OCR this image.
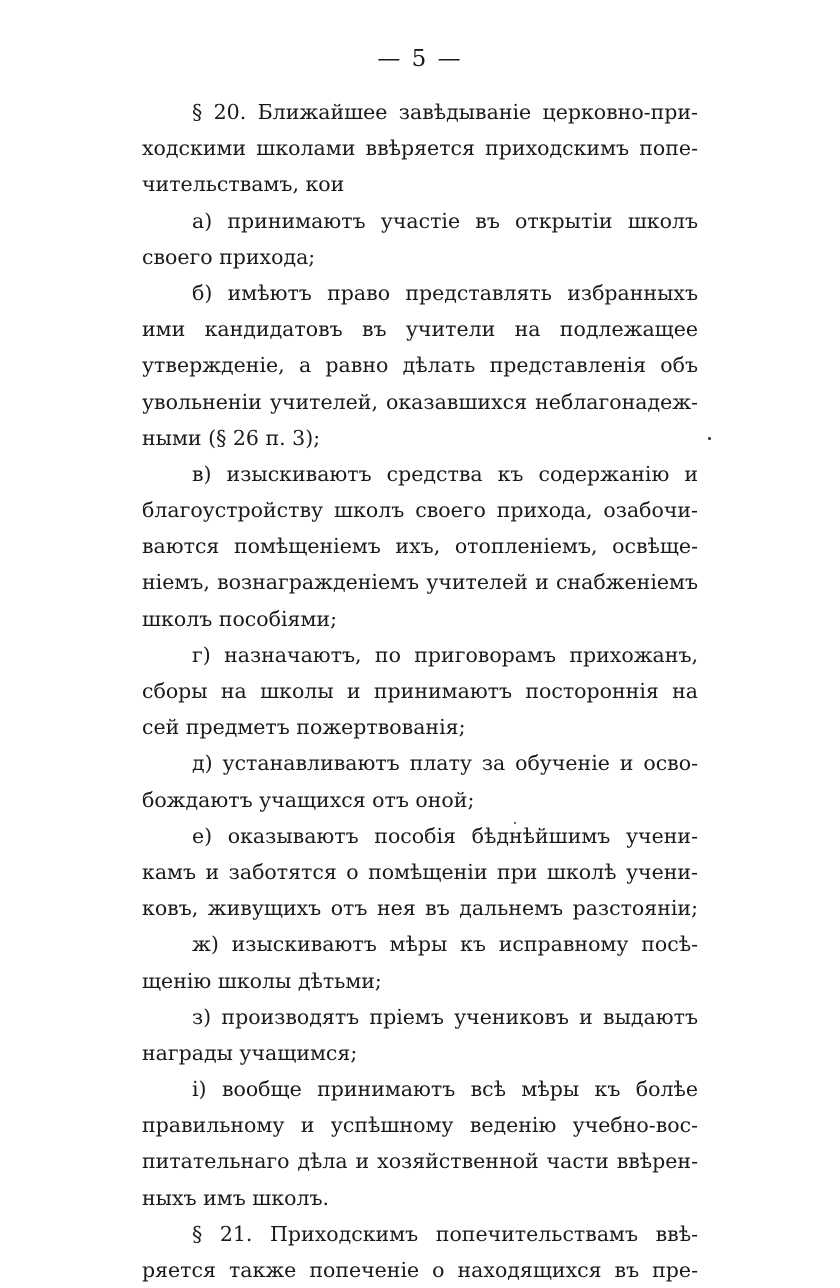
— 5 —
§ 20. Ближайшее завѣдываніе церковно-при-
ходскими школами ввѣряется приходскимъ попе-
чительствамъ, кои
а) принимаютъ участіе въ открытіи школъ
своего прихода;
б) имѣютъ право представлять избранныхъ
ими кандидатовъ въ учители на подлежащее
утвержденіе, а равно дѣлать представленія объ
увольненіи учителей, оказавшихся неблагонадеж-
ными (§ 26 п. 3);
в) изыскиваютъ средства къ содержанію и
благоустройству школъ своего прихода, озабочи-
ваются помѣщеніемъ ихъ, отопленіемъ, освѣще-
ніемъ, вознагражденіемъ учителей и снабженіемъ
школъ пособіями;
г) назначаютъ, по приговорамъ прихожанъ,
сборы на школы и принимаютъ постороннія на
сей предметъ пожертвованія;
д) устанавливаютъ плату за обученіе и осво-
бождаютъ учащихся отъ оной;
е) оказываютъ пособія бѣднѣйшимъ учени-
камъ и заботятся о помѣщеніи при школѣ учени-
ковъ, живущихъ отъ нея въ дальнемъ разстояніи;
ж) изыскиваютъ мѣры къ исправному посѣ-
щенію школы дѣтьми;
з) производятъ пріемъ учениковъ и выдаютъ
награды учащимся;
і) вообще принимаютъ всѣ мѣры къ болѣе
правильному и успѣшному веденію учебно-вос-
питательнаго дѣла и хозяйственной части ввѣрен-
ныхъ имъ школъ.
§ 21. Приходскимъ попечительствамъ ввѣ-
ряется также попеченіе о находящихся въ пре-
